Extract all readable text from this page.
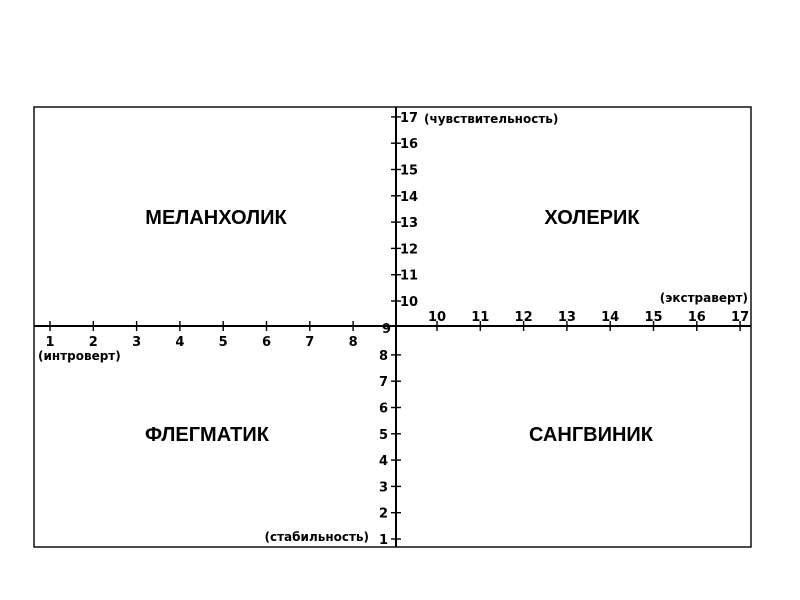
МЕЛАНХОЛИК	ХОЛЕРИК
ФЛЕГМАТИК	САНГВИНИК
(чувствительность)
(экстраверт)
(интроверт)
(стабильность)
9
1	2	3	4	5	6	7	8
10 11 12 13 14 15 16 17
10
11
12
13
14
15
16
17
1
2
3
4
5
6
7
8
